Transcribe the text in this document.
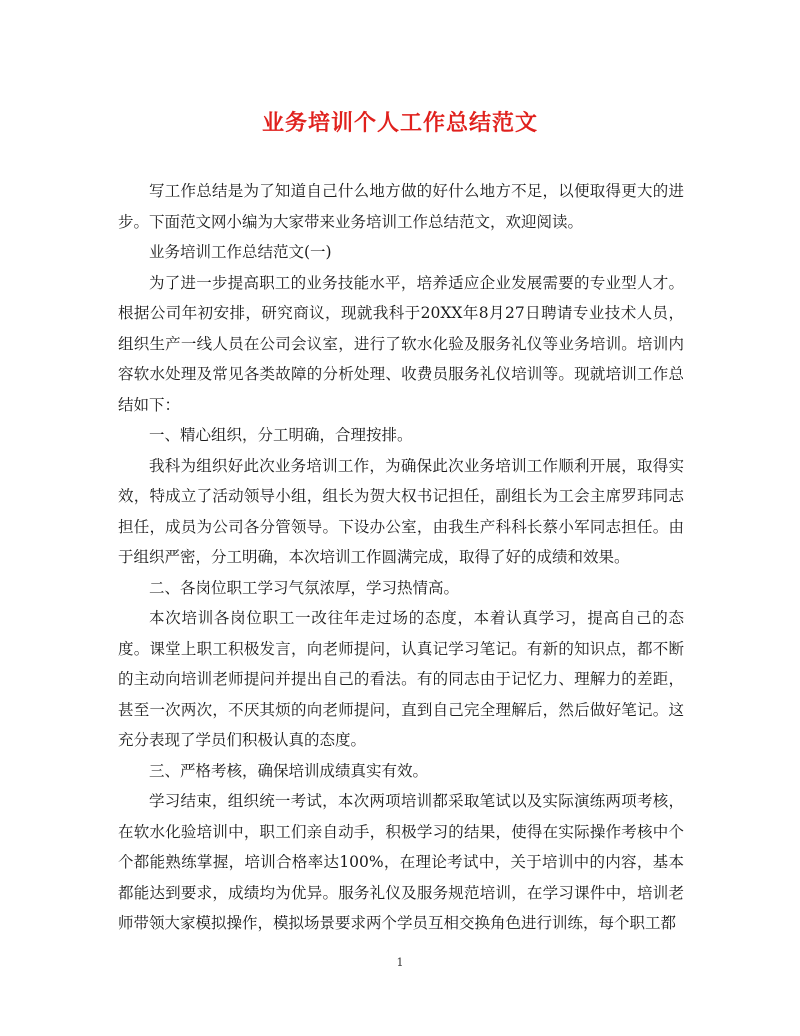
业务培训个人工作总结范文

写工作总结是为了知道自己什么地方做的好什么地方不足，以便取得更大的进步。下面范文网小编为大家带来业务培训工作总结范文，欢迎阅读。

业务培训工作总结范文(一)

为了进一步提高职工的业务技能水平，培养适应企业发展需要的专业型人才。根据公司年初安排，研究商议，现就我科于20XX年8月27日聘请专业技术人员，组织生产一线人员在公司会议室，进行了软水化验及服务礼仪等业务培训。培训内容软水处理及常见各类故障的分析处理、收费员服务礼仪培训等。现就培训工作总结如下：

一、精心组织，分工明确，合理按排。

我科为组织好此次业务培训工作，为确保此次业务培训工作顺利开展，取得实效，特成立了活动领导小组，组长为贺大权书记担任，副组长为工会主席罗玮同志担任，成员为公司各分管领导。下设办公室，由我生产科科长蔡小军同志担任。由于组织严密，分工明确，本次培训工作圆满完成，取得了好的成绩和效果。

二、各岗位职工学习气氛浓厚，学习热情高。

本次培训各岗位职工一改往年走过场的态度，本着认真学习，提高自己的态度。课堂上职工积极发言，向老师提问，认真记学习笔记。有新的知识点，都不断的主动向培训老师提问并提出自己的看法。有的同志由于记忆力、理解力的差距，甚至一次两次，不厌其烦的向老师提问，直到自己完全理解后，然后做好笔记。这充分表现了学员们积极认真的态度。

三、严格考核，确保培训成绩真实有效。

学习结束，组织统一考试，本次两项培训都采取笔试以及实际演练两项考核，在软水化验培训中，职工们亲自动手，积极学习的结果，使得在实际操作考核中个个都能熟练掌握，培训合格率达100%，在理论考试中，关于培训中的内容，基本都能达到要求，成绩均为优异。服务礼仪及服务规范培训，在学习课件中，培训老师带领大家模拟操作，模拟场景要求两个学员互相交换角色进行训练，每个职工都

1
